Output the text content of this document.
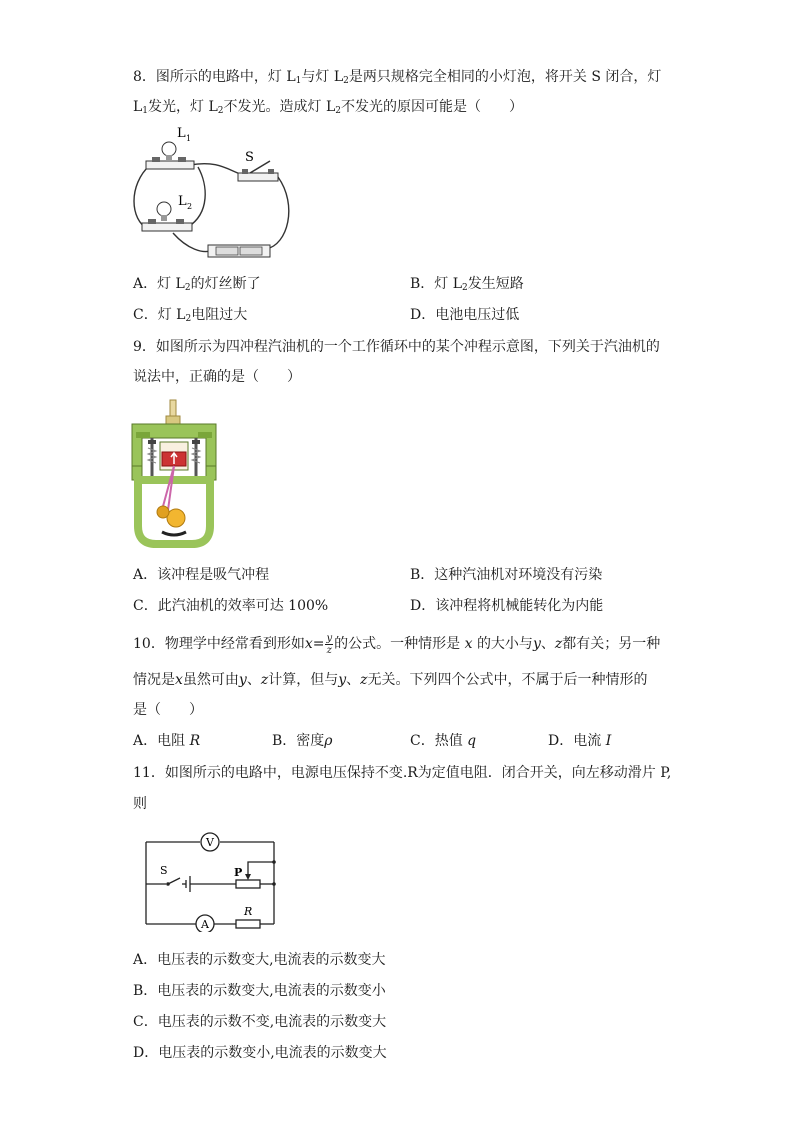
8．图所示的电路中，灯 $L_1$与灯 $L_2$是两只规格完全相同的小灯泡，将开关 S 闭合，灯
$L_1$发光，灯 $L_2$不发光。造成灯 $L_2$不发光的原因可能是（　　）
L 1
L 2
S
A．灯 $L_2$的灯丝断了	B．灯 $L_2$发生短路
C．灯 $L_2$电阻过大	D．电池电压过低
9．如图所示为四冲程汽油机的一个工作循环中的某个冲程示意图，下列关于汽油机的
说法中，正确的是（　　）
A．该冲程是吸气冲程	B．这种汽油机对环境没有污染
C．此汽油机的效率可达 100%	D．该冲程将机械能转化为内能
10．物理学中经常看到形如$x= \frac{y}{z}$ 的公式。一种情形是 x 的大小与y、z都有关；另一种
情况是x虽然可由y、z计算，但与y、z无关。下列四个公式中，不属于后一种情形的
是（　　）
A．电阻 R	B．密度ρ	C．热值 q	D．电流 I
11．如图所示的电路中，电源电压保持不变.R为定值电阻．闭合开关，向左移动滑片 P,
则
V
A
R
S	P
A．电压表的示数变大,电流表的示数变大
B．电压表的示数变大,电流表的示数变小
C．电压表的示数不变,电流表的示数变大
D．电压表的示数变小,电流表的示数变大
